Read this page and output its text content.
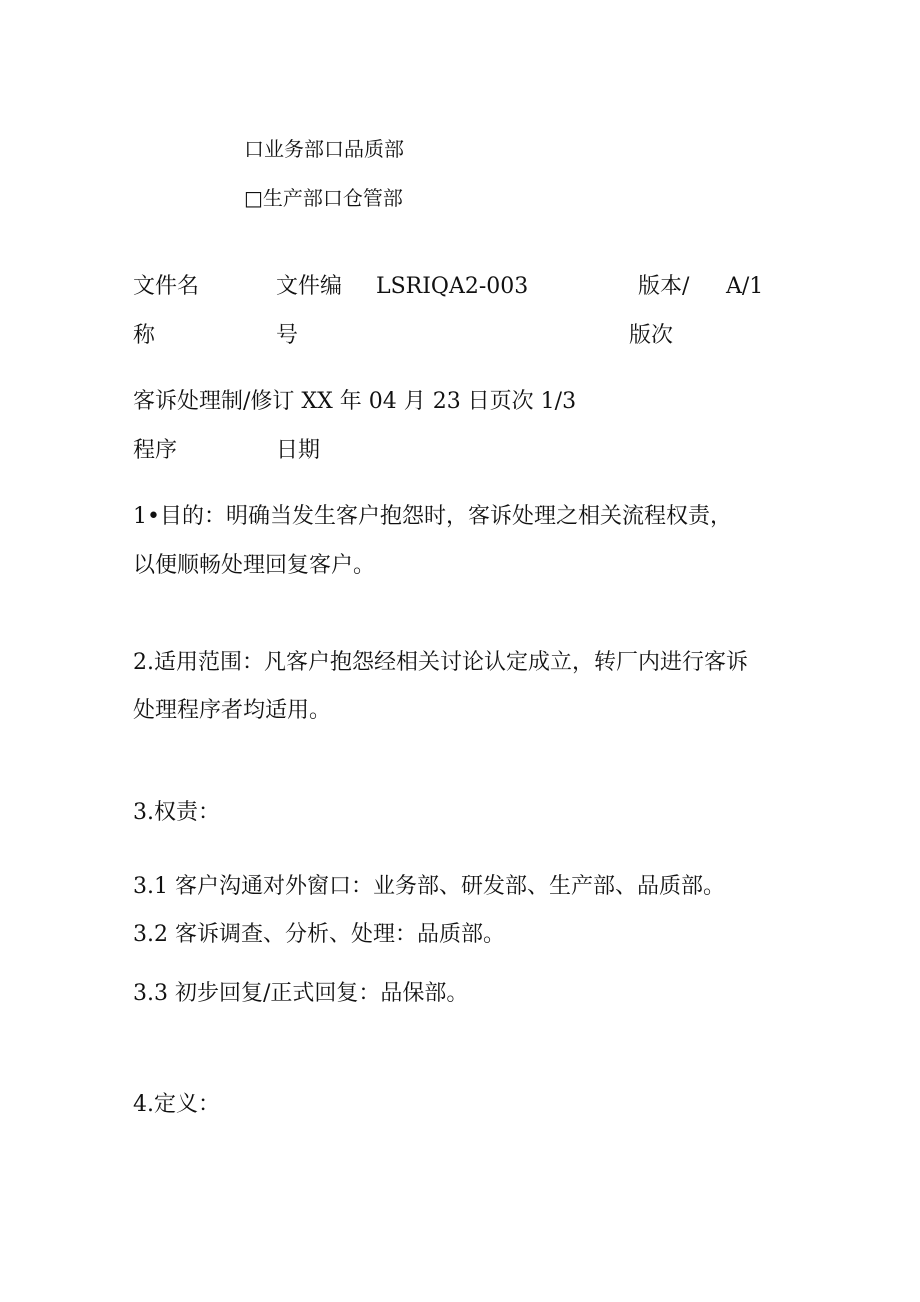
口业务部口品质部
□生产部口仓管部
文件名
称
文件编
号
LSRIQA2-003	版本/
版次
A/1
客诉处理制/修订 XX 年 04 月 23 日页次 1/3
程序	日期
1•目的：明确当发生客户抱怨时，客诉处理之相关流程权责，
以便顺畅处理回复客户。
2.适用范围：凡客户抱怨经相关讨论认定成立，转厂内进行客诉
处理程序者均适用。
3.权责：
3.1 客户沟通对外窗口：业务部、研发部、生产部、品质部。
3.2 客诉调查、分析、处理：品质部。
3.3 初步回复/正式回复：品保部。
4.定义：
